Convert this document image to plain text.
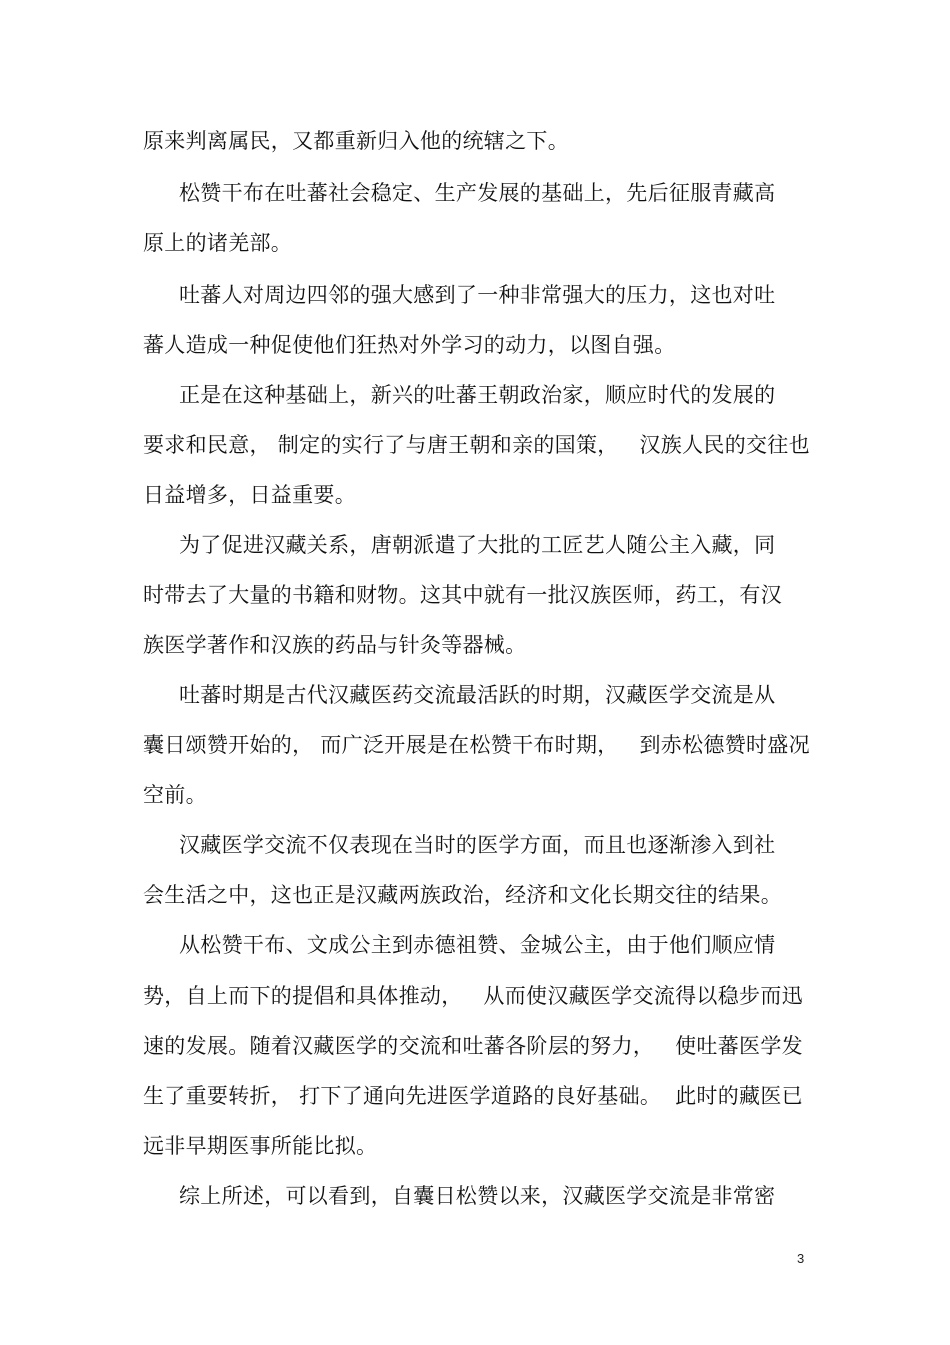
原来判离属民，又都重新归入他的统辖之下。
松赞干布在吐蕃社会稳定、生产发展的基础上，先后征服青藏高
原上的诸羌部。
吐蕃人对周边四邻的强大感到了一种非常强大的压力，这也对吐
蕃人造成一种促使他们狂热对外学习的动力，以图自强。
正是在这种基础上，新兴的吐蕃王朝政治家，顺应时代的发展的
要求和民意， 制定的实行了与唐王朝和亲的国策，   汉族人民的交往也
日益增多，日益重要。
为了促进汉藏关系，唐朝派遣了大批的工匠艺人随公主入藏，同
时带去了大量的书籍和财物。这其中就有一批汉族医师，药工，有汉
族医学著作和汉族的药品与针灸等器械。
吐蕃时期是古代汉藏医药交流最活跃的时期，汉藏医学交流是从
囊日颂赞开始的， 而广泛开展是在松赞干布时期，   到赤松德赞时盛况
空前。
汉藏医学交流不仅表现在当时的医学方面，而且也逐渐渗入到社
会生活之中，这也正是汉藏两族政治，经济和文化长期交往的结果。
从松赞干布、文成公主到赤德祖赞、金城公主，由于他们顺应情
势，自上而下的提倡和具体推动，   从而使汉藏医学交流得以稳步而迅
速的发展。随着汉藏医学的交流和吐蕃各阶层的努力，   使吐蕃医学发
生了重要转折， 打下了通向先进医学道路的良好基础。  此时的藏医已
远非早期医事所能比拟。
综上所述，可以看到，自囊日松赞以来，汉藏医学交流是非常密
3
